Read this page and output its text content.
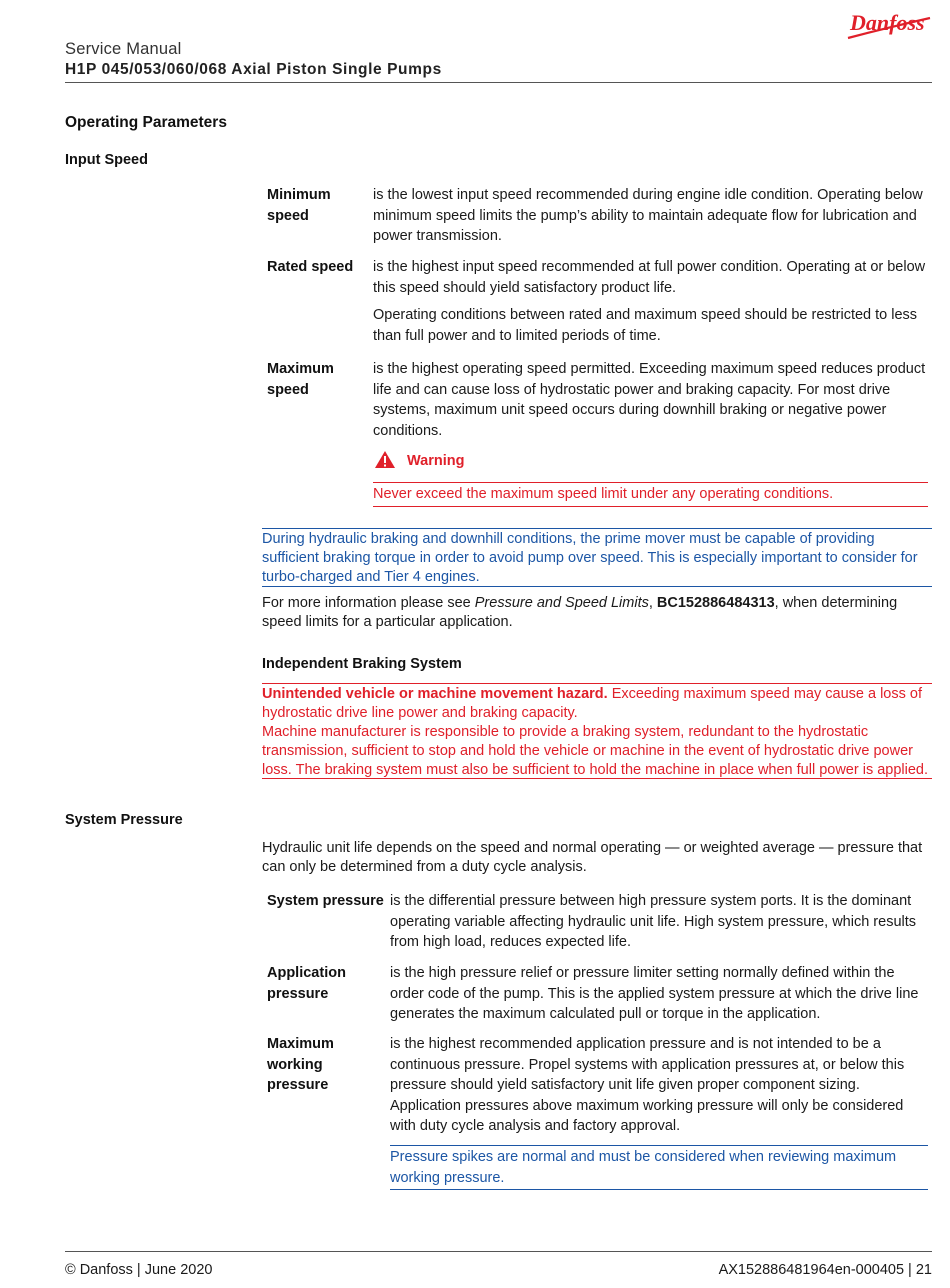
Danfoss
Service Manual
H1P 045/053/060/068 Axial Piston Single Pumps
Operating Parameters
Input Speed
Minimum speed
is the lowest input speed recommended during engine idle condition. Operating below minimum speed limits the pump’s ability to maintain adequate flow for lubrication and power transmission.
Rated speed is the highest input speed recommended at full power condition. Operating at or below this speed should yield satisfactory product life.
Operating conditions between rated and maximum speed should be restricted to less than full power and to limited periods of time.
Maximum speed
is the highest operating speed permitted. Exceeding maximum speed reduces product life and can cause loss of hydrostatic power and braking capacity. For most drive systems, maximum unit speed occurs during downhill braking or negative power conditions.
Warning
Never exceed the maximum speed limit under any operating conditions.
During hydraulic braking and downhill conditions, the prime mover must be capable of providing sufficient braking torque in order to avoid pump over speed. This is especially important to consider for turbo-charged and Tier 4 engines.
For more information please see Pressure and Speed Limits, BC152886484313, when determining speed limits for a particular application.
Independent Braking System
Unintended vehicle or machine movement hazard. Exceeding maximum speed may cause a loss of hydrostatic drive line power and braking capacity.
Machine manufacturer is responsible to provide a braking system, redundant to the hydrostatic transmission, sufficient to stop and hold the vehicle or machine in the event of hydrostatic drive power loss. The braking system must also be sufficient to hold the machine in place when full power is applied.
System Pressure
Hydraulic unit life depends on the speed and normal operating — or weighted average — pressure that can only be determined from a duty cycle analysis.
System pressure is the differential pressure between high pressure system ports. It is the dominant operating variable affecting hydraulic unit life. High system pressure, which results from high load, reduces expected life.
Application pressure
is the high pressure relief or pressure limiter setting normally defined within the order code of the pump. This is the applied system pressure at which the drive line generates the maximum calculated pull or torque in the application.
Maximum working pressure
is the highest recommended application pressure and is not intended to be a continuous pressure. Propel systems with application pressures at, or below this pressure should yield satisfactory unit life given proper component sizing. Application pressures above maximum working pressure will only be considered with duty cycle analysis and factory approval.
Pressure spikes are normal and must be considered when reviewing maximum working pressure.
© Danfoss | June 2020	AX152886481964en-000405 | 21
